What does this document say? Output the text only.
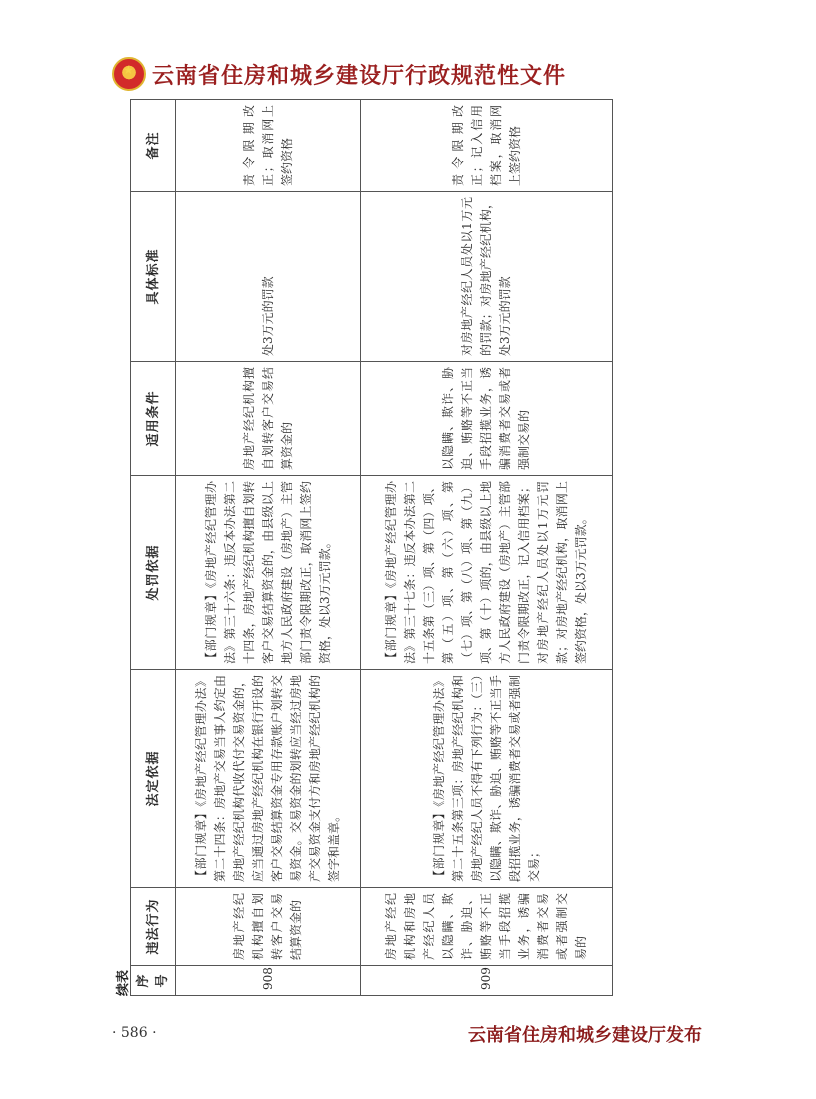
★
云南省住房和城乡建设厅行政规范性文件
续表 序号	违法行为	法定依据	处罚依据	适用条件	具体标准	备注
908	房地产经纪机构擅自划转客户交易结算资金的	【部门规章】《房地产经纪管理办法》第二十四条：房地产交易当事人约定由房地产经纪机构代收代付交易资金的，应当通过房地产经纪机构在银行开设的客户交易结算资金专用存款账户划转交易资金。交易资金的划转应当经过房地产交易资金支付方和房地产经纪机构的签字和盖章。	【部门规章】《房地产经纪管理办法》第三十六条：违反本办法第二十四条，房地产经纪机构擅自划转客户交易结算资金的，由县级以上地方人民政府建设（房地产）主管部门责令限期改正，取消网上签约资格，处以3万元罚款。	房地产经纪机构擅自划转客户交易结算资金的	处3万元的罚款	责令限期改正；取消网上签约资格
909	房地产经纪机构和房地产经纪人员以隐瞒、欺诈、胁迫、贿赂等不正当手段招揽业务，诱骗消费者交易或者强制交易的	【部门规章】《房地产经纪管理办法》第二十五条第三项：房地产经纪机构和房地产经纪人员不得有下列行为：（三）以隐瞒、欺诈、胁迫、贿赂等不正当手段招揽业务，诱骗消费者交易或者强制交易；	【部门规章】《房地产经纪管理办法》第三十七条：违反本办法第二十五条第（三）项、第（四）项、第（五）项、第（六）项、第（七）项、第（八）项、第（九）项、第（十）项的，由县级以上地方人民政府建设（房地产）主管部门责令限期改正，记入信用档案；对房地产经纪人员处以1万元罚款；对房地产经纪机构，取消网上签约资格，处以3万元罚款。	以隐瞒、欺诈、胁迫、贿赂等不正当手段招揽业务，诱骗消费者交易或者强制交易的	对房地产经纪人员处以1万元的罚款；对房地产经纪机构，处3万元的罚款	责令限期改正；记入信用档案，取消网上签约资格
· 586 ·	云南省住房和城乡建设厅发布
